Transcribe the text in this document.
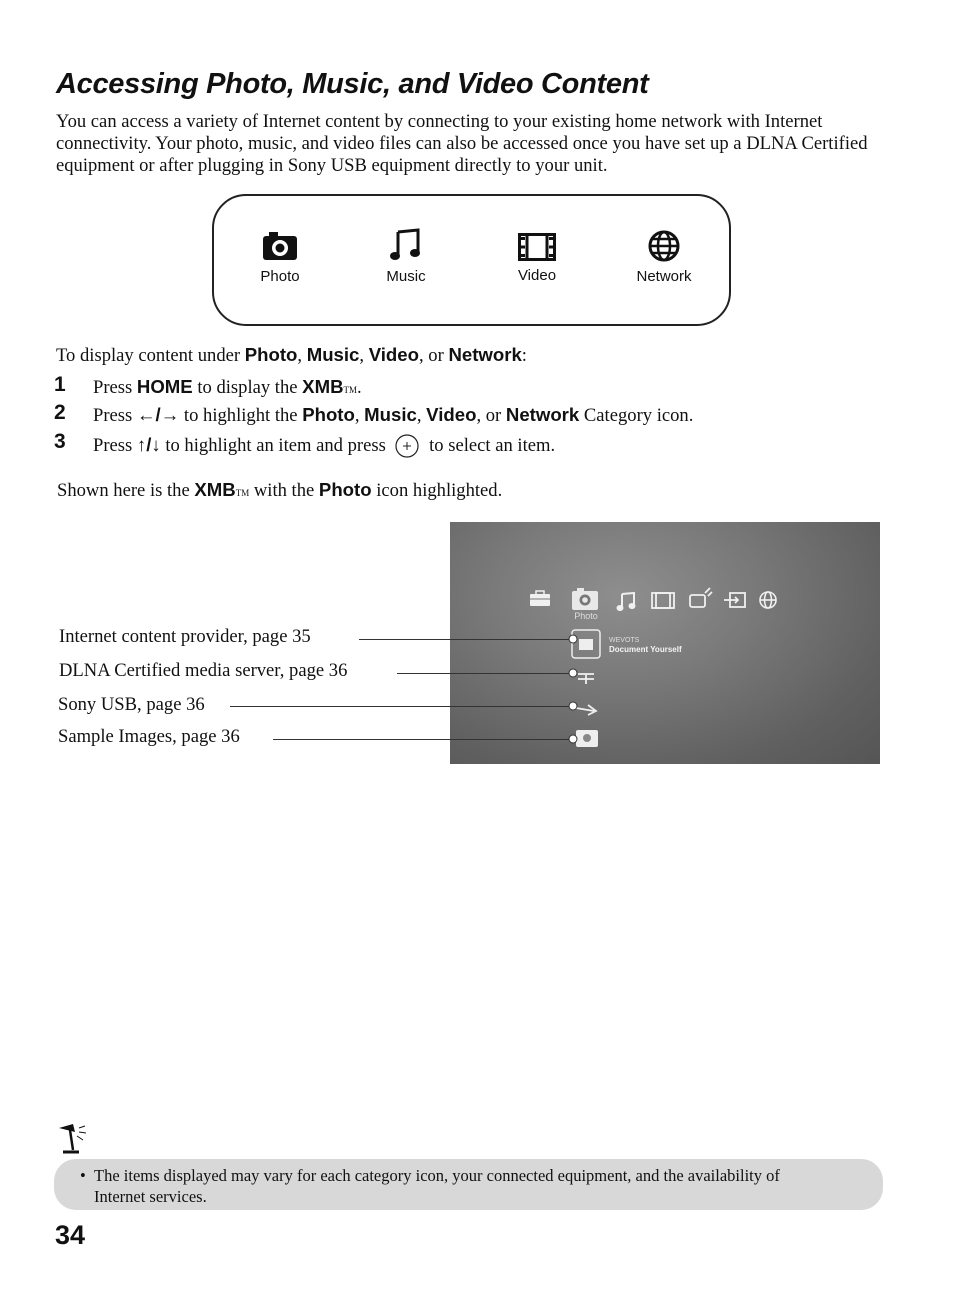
Accessing Photo, Music, and Video Content
You can access a variety of Internet content by connecting to your existing home network with Internet connectivity. Your photo, music, and video files can also be accessed once you have set up a DLNA Certified equipment or after plugging in Sony USB equipment directly to your unit.
Photo	Music	Video	Network
To display content under Photo, Music, Video, or Network:
1 Press HOME to display the XMBTM.
2 Press ←/→ to highlight the Photo, Music, Video, or Network Category icon.
3 Press ↑/↓ to highlight an item and press  to select an item.
Shown here is the XMBTM with the Photo icon highlighted.
Photo
WEVOTS
Document Yourself
Internet content provider, page 35
DLNA Certified media server, page 36
Sony USB, page 36
Sample Images, page 36
• The items displayed may vary for each category icon, your connected equipment, and the availability of Internet services.
34
